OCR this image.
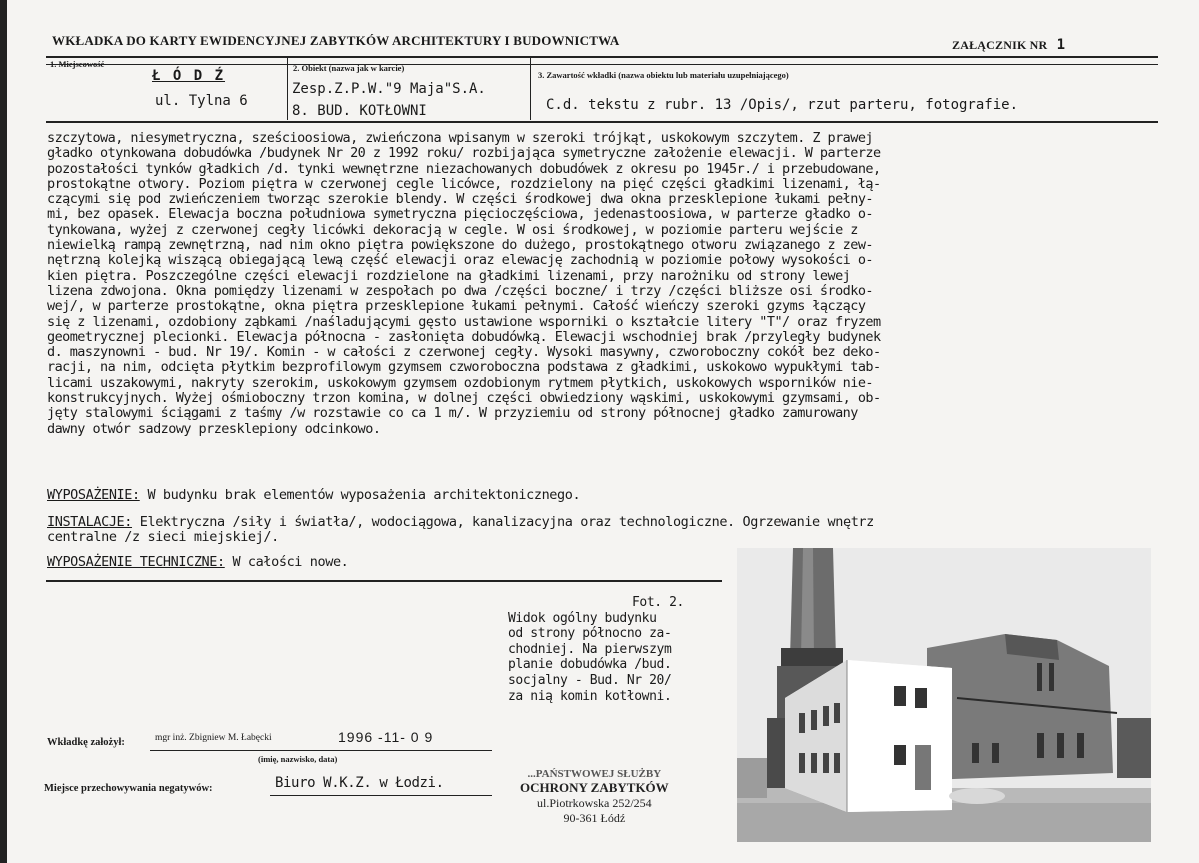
WKŁADKA DO KARTY EWIDENCYJNEJ ZABYTKÓW ARCHITEKTURY I BUDOWNICTWA	ZAŁĄCZNIK NR 1
1. Miejscowość
Ł Ó D Ź
ul. Tylna 6
2. Obiekt (nazwa jak w karcie)
Zesp.Z.P.W."9 Maja"S.A.
8. BUD. KOTŁOWNI
3. Zawartość wkładki (nazwa obiektu lub materiału uzupełniającego)
C.d. tekstu z rubr. 13 /Opis/, rzut parteru, fotografie.
szczytowa, niesymetryczna, sześcioosiowa, zwieńczona wpisanym w szeroki trójkąt, uskokowym szczytem. Z prawej
gładko otynkowana dobudówka /budynek Nr 20 z 1992 roku/ rozbijająca symetryczne założenie elewacji. W parterze
pozostałości tynków gładkich /d. tynki wewnętrzne niezachowanych dobudówek z okresu po 1945r./ i przebudowane,
prostokątne otwory. Poziom piętra w czerwonej cegle licówce, rozdzielony na pięć części gładkimi lizenami, łą-
czącymi się pod zwieńczeniem tworząc szerokie blendy. W części środkowej dwa okna przesklepione łukami pełny-
mi, bez opasek. Elewacja boczna południowa symetryczna pięcioczęściowa, jedenastoosiowa, w parterze gładko o-
tynkowana, wyżej z czerwonej cegły licówki dekoracją w cegle. W osi środkowej, w poziomie parteru wejście z
niewielką rampą zewnętrzną, nad nim okno piętra powiększone do dużego, prostokątnego otworu związanego z zew-
nętrzną kolejką wiszącą obiegającą lewą część elewacji oraz elewację zachodnią w poziomie połowy wysokości o-
kien piętra. Poszczególne części elewacji rozdzielone na gładkimi lizenami, przy narożniku od strony lewej
lizena zdwojona. Okna pomiędzy lizenami w zespołach po dwa /części boczne/ i trzy /części bliższe osi środko-
wej/, w parterze prostokątne, okna piętra przesklepione łukami pełnymi. Całość wieńczy szeroki gzyms łączący
się z lizenami, ozdobiony ząbkami /naśladującymi gęsto ustawione wsporniki o kształcie litery "T"/ oraz fryzem
geometrycznej plecionki. Elewacja północna - zasłonięta dobudówką. Elewacji wschodniej brak /przyległy budynek
d. maszynowni - bud. Nr 19/. Komin - w całości z czerwonej cegły. Wysoki masywny, czworoboczny cokół bez deko-
racji, na nim, odcięta płytkim bezprofilowym gzymsem czworoboczna podstawa z gładkimi, uskokowo wypukłymi tab-
licami uszakowymi, nakryty szerokim, uskokowym gzymsem ozdobionym rytmem płytkich, uskokowych wsporników nie-
konstrukcyjnych. Wyżej ośmioboczny trzon komina, w dolnej części obwiedziony wąskimi, uskokowymi gzymsami, ob-
jęty stalowymi ściągami z taśmy /w rozstawie co ca 1 m/. W przyziemiu od strony północnej gładko zamurowany
dawny otwór sadzowy przesklepiony odcinkowo.
WYPOSAŻENIE: W budynku brak elementów wyposażenia architektonicznego.
INSTALACJE: Elektryczna /siły i światła/, wodociągowa, kanalizacyjna oraz technologiczne. Ogrzewanie wnętrz
centralne /z sieci miejskiej/.
WYPOSAŻENIE TECHNICZNE: W całości nowe.
Fot. 2.
Widok ogólny budynku
od strony północno za-
chodniej. Na pierwszym
planie dobudówka /bud.
socjalny - Bud. Nr 20/
za nią komin kotłowni.
Wkładkę założył:	mgr inż. Zbigniew M. Łabęcki	1996 -11- 0 9
(imię, nazwisko, data)
Miejsce przechowywania negatywów:	Biuro W.K.Z. w Łodzi.
...PAŃSTWOWEJ SŁUŻBY
OCHRONY ZABYTKÓW
ul.Piotrkowska 252/254
90-361 Łódź
